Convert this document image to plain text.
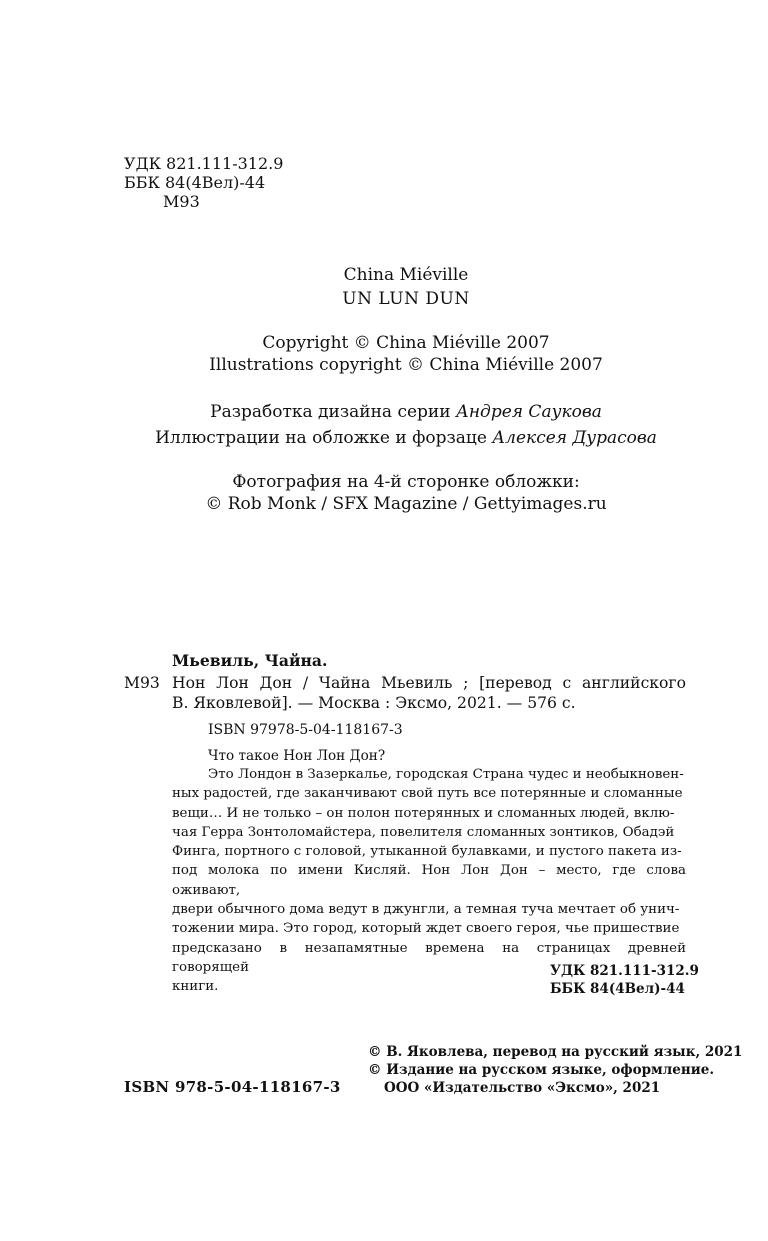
УДК 821.111-312.9
ББК 84(4Вел)-44
М93
China Miéville
UN LUN DUN
Copyright © China Miéville 2007
Illustrations copyright © China Miéville 2007
Разработка дизайна серии Андрея Саукова
Иллюстрации на обложке и форзаце Алексея Дурасова
Фотография на 4-й сторонке обложки:
© Rob Monk / SFX Magazine / Gettyimages.ru
Мьевиль, Чайна.
М93 Нон Лон Дон / Чайна Мьевиль ; [перевод с английского

В. Яковлевой]. — Москва : Эксмо, 2021. — 576 с.

ISBN 97978-5-04-118167-3
Что такое Нон Лон Дон?

Это Лондон в Зазеркалье, городская Страна чудес и необыкновен-

ных радостей, где заканчивают свой путь все потерянные и сломанные

вещи… И не только – он полон потерянных и сломанных людей, вклю-

чая Герра Зонтоломайстера, повелителя сломанных зонтиков, Обадэй

Финга, портного с головой, утыканной булавками, и пустого пакета из-

под молока по имени Кисляй. Нон Лон Дон – место, где слова оживают,

двери обычного дома ведут в джунгли, а темная туча мечтает об унич-

тожении мира. Это город, который ждет своего героя, чье пришествие

предсказано в незапамятные времена на страницах древней говорящей

книги.

УДК 821.111-312.9
ББК 84(4Вел)-44
ISBN 978-5-04-118167-3
© В. Яковлева, перевод на русский язык, 2021
© Издание на русском языке, оформление.
ООО «Издательство «Эксмо», 2021
